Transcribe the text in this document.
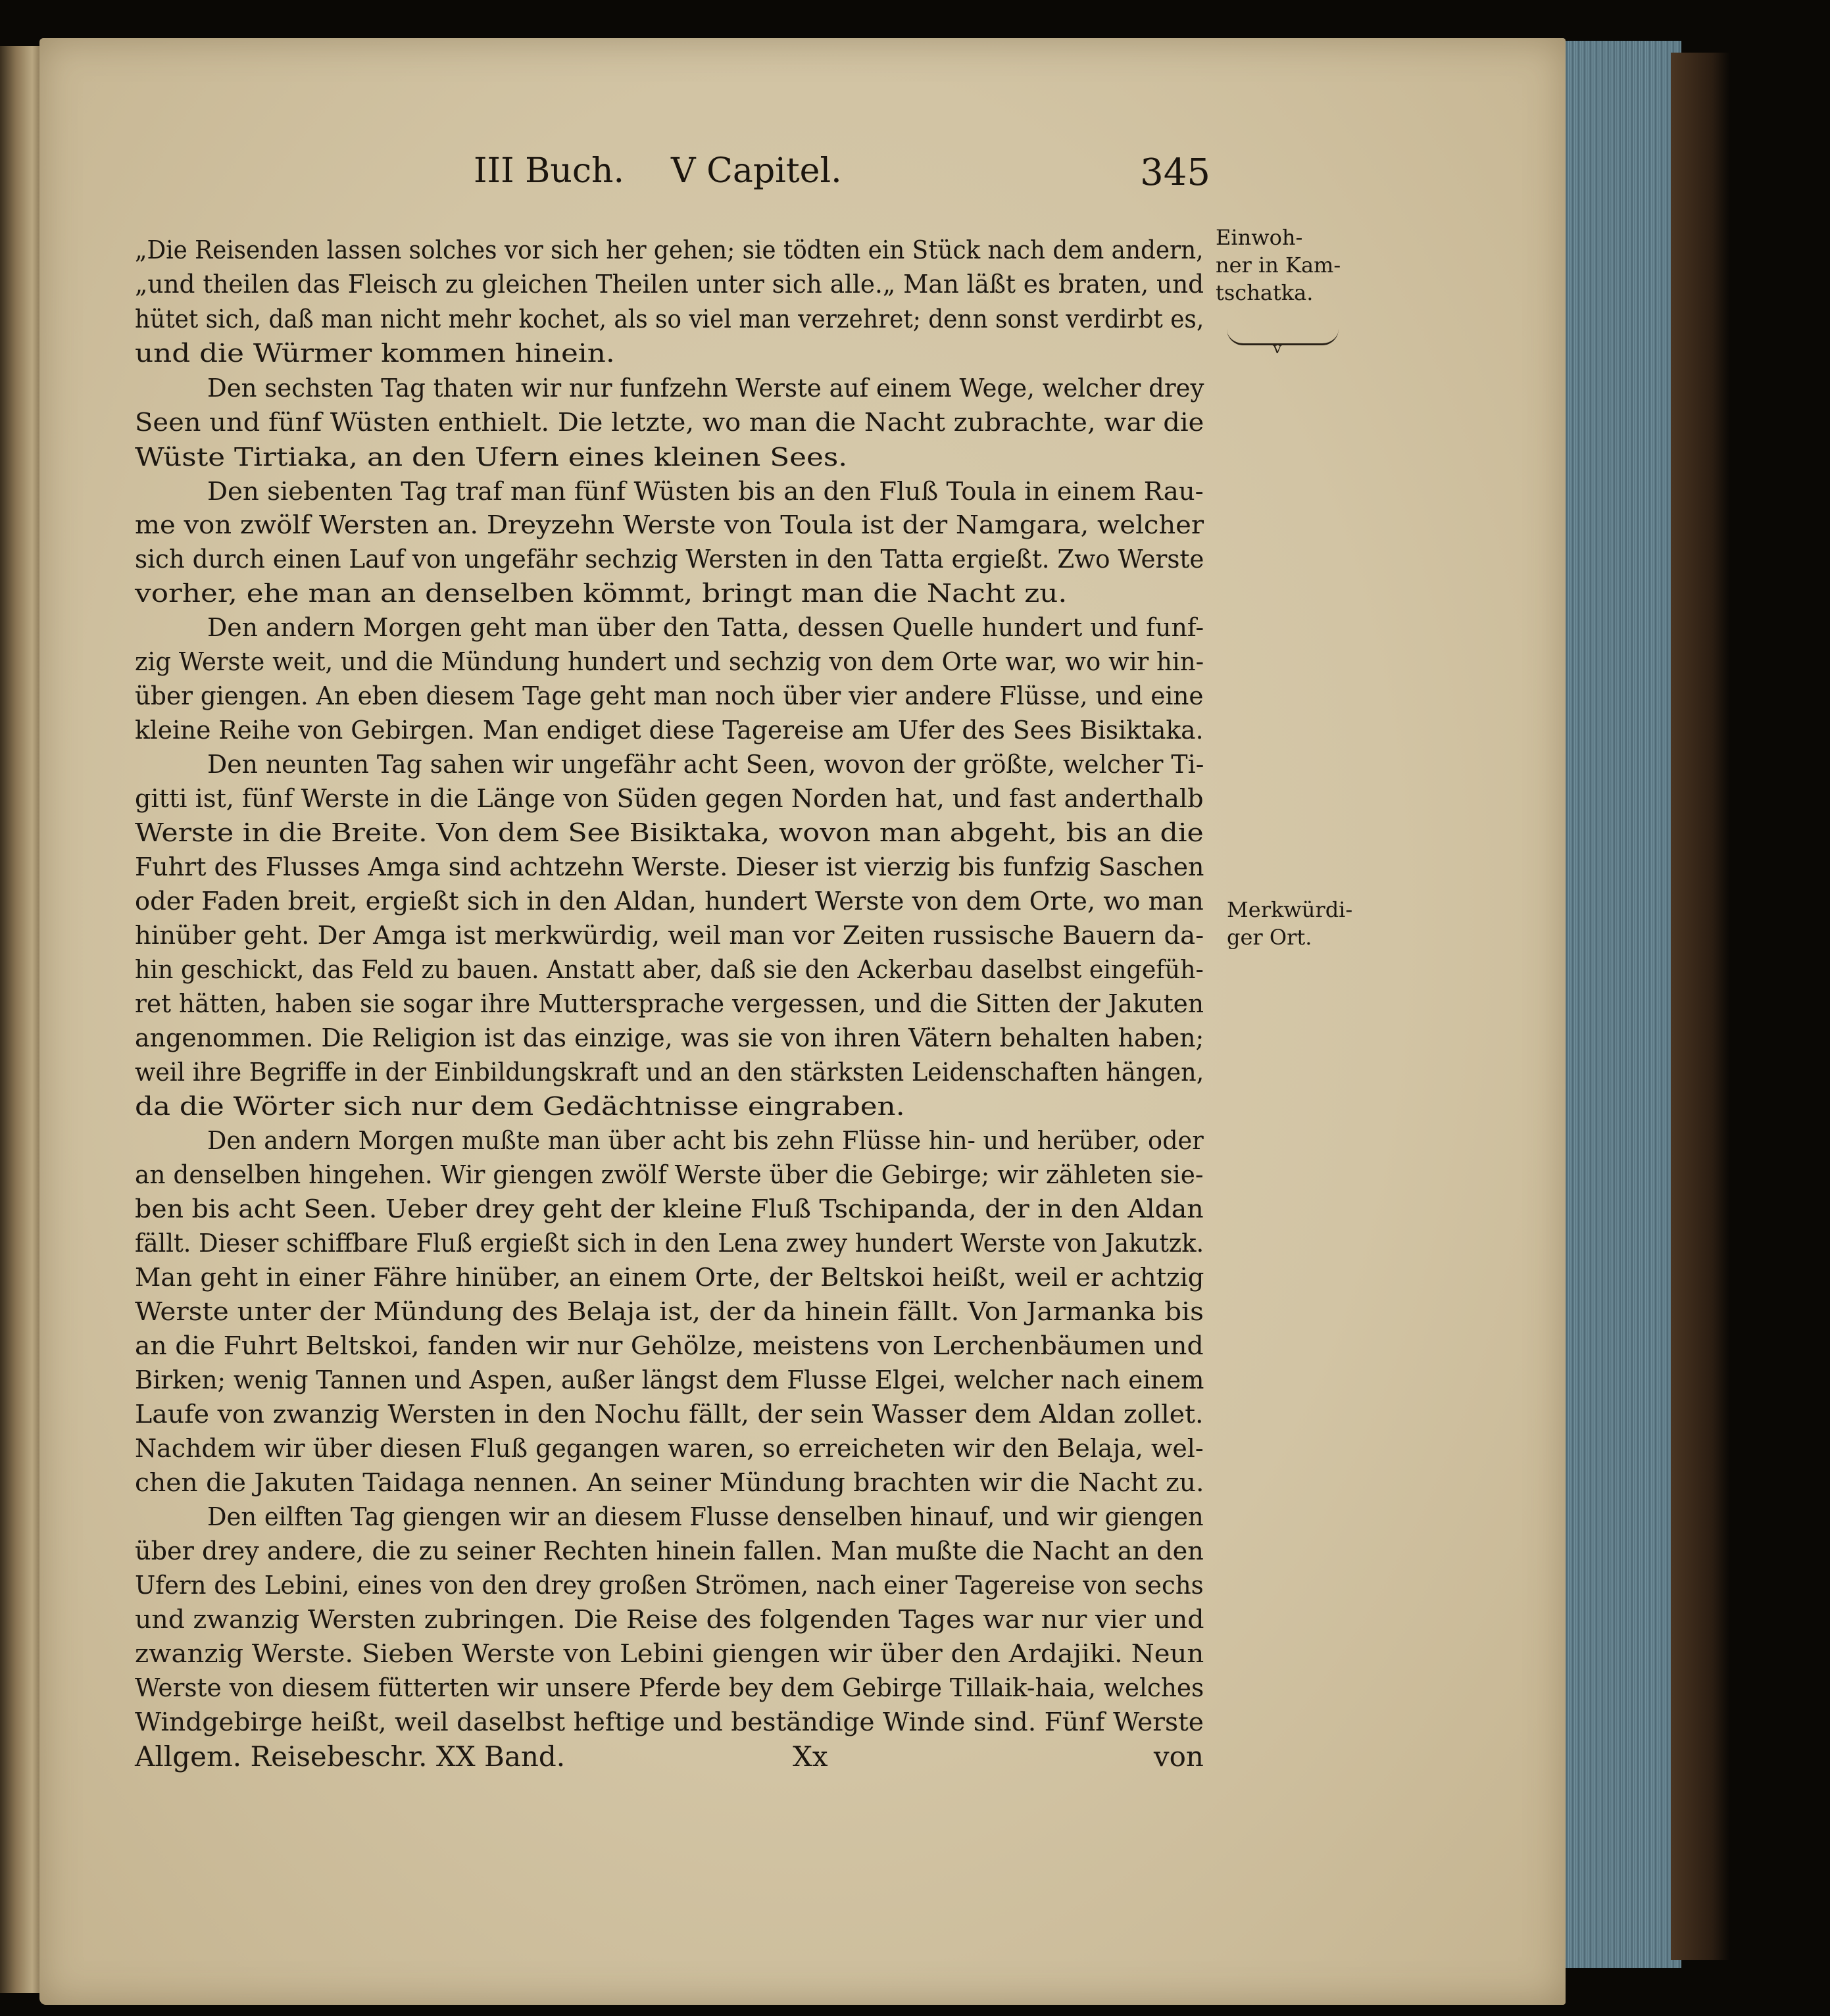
III Buch. V Capitel.	345
„Die Reisenden lassen solches vor sich her gehen; sie tödten ein Stück nach dem andern,
„und theilen das Fleisch zu gleichen Theilen unter sich alle.„ Man läßt es braten, und
hütet sich, daß man nicht mehr kochet, als so viel man verzehret; denn sonst verdirbt es,
und die Würmer kommen hinein.
Den sechsten Tag thaten wir nur funfzehn Werste auf einem Wege, welcher drey
Seen und fünf Wüsten enthielt. Die letzte, wo man die Nacht zubrachte, war die
Wüste Tirtiaka, an den Ufern eines kleinen Sees.
Den siebenten Tag traf man fünf Wüsten bis an den Fluß Toula in einem Rau-
me von zwölf Wersten an. Dreyzehn Werste von Toula ist der Namgara, welcher
sich durch einen Lauf von ungefähr sechzig Wersten in den Tatta ergießt. Zwo Werste
vorher, ehe man an denselben kömmt, bringt man die Nacht zu.
Den andern Morgen geht man über den Tatta, dessen Quelle hundert und funf-
zig Werste weit, und die Mündung hundert und sechzig von dem Orte war, wo wir hin-
über giengen. An eben diesem Tage geht man noch über vier andere Flüsse, und eine
kleine Reihe von Gebirgen. Man endiget diese Tagereise am Ufer des Sees Bisiktaka.
Den neunten Tag sahen wir ungefähr acht Seen, wovon der größte, welcher Ti-
gitti ist, fünf Werste in die Länge von Süden gegen Norden hat, und fast anderthalb
Werste in die Breite. Von dem See Bisiktaka, wovon man abgeht, bis an die
Fuhrt des Flusses Amga sind achtzehn Werste. Dieser ist vierzig bis funfzig Saschen
oder Faden breit, ergießt sich in den Aldan, hundert Werste von dem Orte, wo man
hinüber geht. Der Amga ist merkwürdig, weil man vor Zeiten russische Bauern da-
hin geschickt, das Feld zu bauen. Anstatt aber, daß sie den Ackerbau daselbst eingefüh-
ret hätten, haben sie sogar ihre Muttersprache vergessen, und die Sitten der Jakuten
angenommen. Die Religion ist das einzige, was sie von ihren Vätern behalten haben;
weil ihre Begriffe in der Einbildungskraft und an den stärksten Leidenschaften hängen,
da die Wörter sich nur dem Gedächtnisse eingraben.
Den andern Morgen mußte man über acht bis zehn Flüsse hin- und herüber, oder
an denselben hingehen. Wir giengen zwölf Werste über die Gebirge; wir zähleten sie-
ben bis acht Seen. Ueber drey geht der kleine Fluß Tschipanda, der in den Aldan
fällt. Dieser schiffbare Fluß ergießt sich in den Lena zwey hundert Werste von Jakutzk.
Man geht in einer Fähre hinüber, an einem Orte, der Beltskoi heißt, weil er achtzig
Werste unter der Mündung des Belaja ist, der da hinein fällt. Von Jarmanka bis
an die Fuhrt Beltskoi, fanden wir nur Gehölze, meistens von Lerchenbäumen und
Birken; wenig Tannen und Aspen, außer längst dem Flusse Elgei, welcher nach einem
Laufe von zwanzig Wersten in den Nochu fällt, der sein Wasser dem Aldan zollet.
Nachdem wir über diesen Fluß gegangen waren, so erreicheten wir den Belaja, wel-
chen die Jakuten Taidaga nennen. An seiner Mündung brachten wir die Nacht zu.
Den eilften Tag giengen wir an diesem Flusse denselben hinauf, und wir giengen
über drey andere, die zu seiner Rechten hinein fallen. Man mußte die Nacht an den
Ufern des Lebini, eines von den drey großen Strömen, nach einer Tagereise von sechs
und zwanzig Wersten zubringen. Die Reise des folgenden Tages war nur vier und
zwanzig Werste. Sieben Werste von Lebini giengen wir über den Ardajiki. Neun
Werste von diesem fütterten wir unsere Pferde bey dem Gebirge Tillaik-haia, welches
Windgebirge heißt, weil daselbst heftige und beständige Winde sind. Fünf Werste
Allgem. Reisebeschr. XX Band.	Xx	von
Einwoh-
ner in Kam-
tschatka.
v
Merkwürdi-
ger Ort.
